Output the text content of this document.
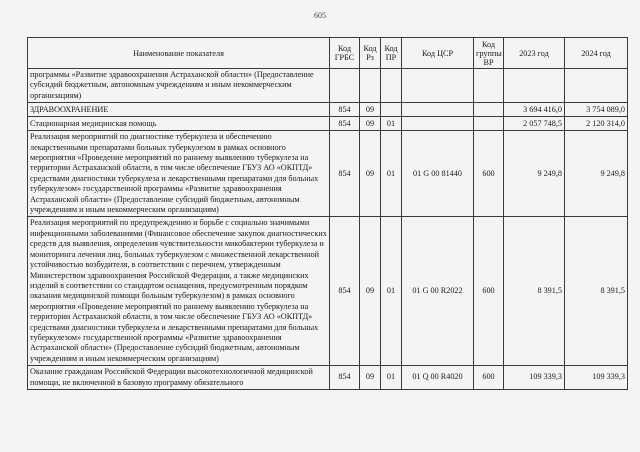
605
Наименование показателя	Код ГРБС	Код Рз	Код ПР	Код ЦСР	Код группы ВР	2023 год	2024 год
программы «Развитие здравоохранения Астраханской области» (Предоставление субсидий бюджетным, автономным учреждениям и иным некоммерческим организациям)							
ЗДРАВООХРАНЕНИЕ	854	09				3 694 416,0	3 754 089,0
Стационарная медицинская помощь	854	09	01			2 057 748,5	2 120 314,0
Реализация мероприятий по диагностике туберкулеза и обеспечению лекарственными препаратами больных туберкулезом в рамках основного мероприятия «Проведение мероприятий по раннему выявлению туберкулеза на территории Астраханской области, в том числе обеспечение ГБУЗ АО «ОКПТД» средствами диагностики туберкулеза и лекарственными препаратами для больных туберкулезом» государственной программы «Развитие здравоохранения Астраханской области» (Предоставление субсидий бюджетным, автономным учреждениям и иным некоммерческим организациям)	854	09	01	01 G 00 81440	600	9 249,8	9 249,8
Реализация мероприятий по предупреждению и борьбе с социально значимыми инфекционными заболеваниями (Финансовое обеспечение закупок диагностических средств для выявления, определения чувствительности микобактерии туберкулеза и мониторинга лечения лиц, больных туберкулезом с множественной лекарственной устойчивостью возбудителя, в соответствии с перечнем, утвержденным Министерством здравоохранения Российской Федерации, а также медицинских изделий в соответствии со стандартом оснащения, предусмотренным порядком оказания медицинской помощи больным туберкулезом) в рамках основного мероприятия «Проведение мероприятий по раннему выявлению туберкулеза на территории Астраханской области, в том числе обеспечение ГБУЗ АО «ОКПТД» средствами диагностики туберкулеза и лекарственными препаратами для больных туберкулезом» государственной программы «Развитие здравоохранения Астраханской области» (Предоставление субсидий бюджетным, автономным учреждениям и иным некоммерческим организациям)	854	09	01	01 G 00 R2022	600	8 391,5	8 391,5
Оказание гражданам Российской Федерации высокотехнологичной медицинской помощи, не включенной в базовую программу обязательного	854	09	01	01 Q 00 R4020	600	109 339,3	109 339,3
